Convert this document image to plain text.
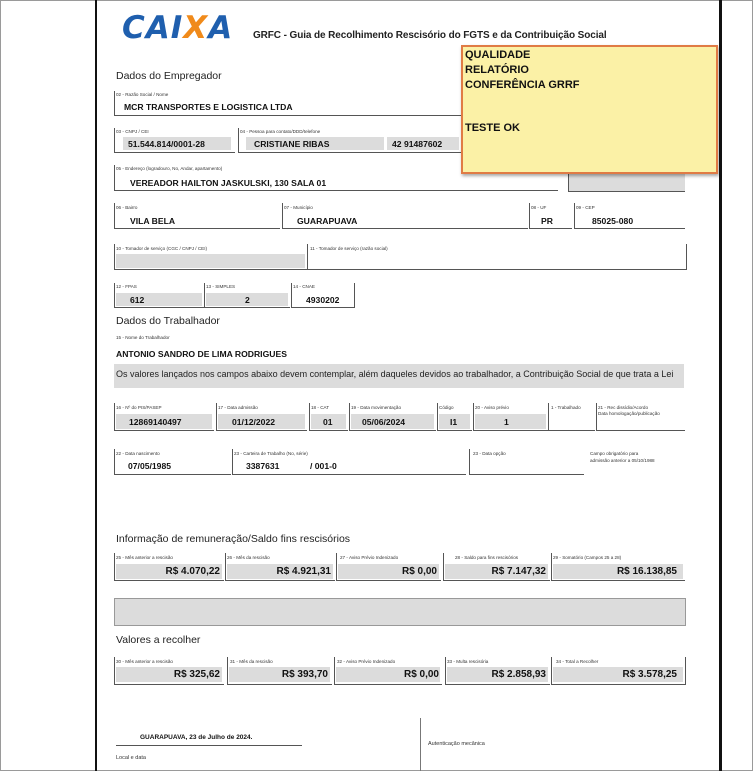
CAIXA GRFC - Guia de Recolhimento Rescisório do FGTS e da Contribuição Social
Dados do Empregador
02 - Razão Social / Nome
MCR TRANSPORTES E LOGISTICA LTDA
03 - CNPJ / CEI
51.544.814/0001-28
04 - Pessoa para contato/DDD/telefone
CRISTIANE RIBAS	42 91487602
05 - Endereço (logradouro, No, Andar, apartamento)
VEREADOR HAILTON JASKULSKI, 130 SALA 01
06 - Bairro
VILA BELA
07 - Município
GUARAPUAVA
08 - UF
PR
09 - CEP
85025-080
10 - Tomador de serviço (CGC / CNPJ / CEI)	11 - Tomador de serviço (razão social)
12 - FPAS
612
13 - SIMPLES
2
14 - CNAE
4930202
Dados do Trabalhador
15 - Nome do Trabalhador
ANTONIO SANDRO DE LIMA RODRIGUES
Os valores lançados nos campos abaixo devem contemplar, além daqueles devidos ao trabalhador, a Contribuição Social de que trata a Lei
16 - Nº do PIS/PASEP
12869140497
17 - Data admissão
01/12/2022
18 - CAT
01
19 - Data movimentação
05/06/2024
Código
I1
20 - Aviso prévio
1
1 - Trabalhado	21 - Rec dissídio/Acordo
Data homologação/publicação
22 - Data nascimento
07/05/1985
23 - Carteira de Trabalho (No, série)
3387631	/ 001-0
23 - Data opção	Campo obrigatório para
admissão anterior a 05/10/1988
Informação de remuneração/Saldo fins rescisórios
25 - Mês anterior a rescisão
R$ 4.070,22
26 - Mês da rescisão
R$ 4.921,31
27 - Aviso Prévio Indenizado
R$ 0,00
28 - Saldo para fins rescisórios
R$ 7.147,32
29 - Somatório (Campos 25 a 28)
R$ 16.138,85
Valores a recolher
30 - Mês anterior a rescisão
R$ 325,62
31 - Mês da rescisão
R$ 393,70
32 - Aviso Prévio Indenizado
R$ 0,00
33 - Multa rescisória
R$ 2.858,93
34 - Total a Recolher
R$ 3.578,25
GUARAPUAVA, 23 de Julho de 2024.
Local e data
Autenticação mecânica
QUALIDADE
RELATÓRIO
CONFERÊNCIA GRRF
TESTE OK
